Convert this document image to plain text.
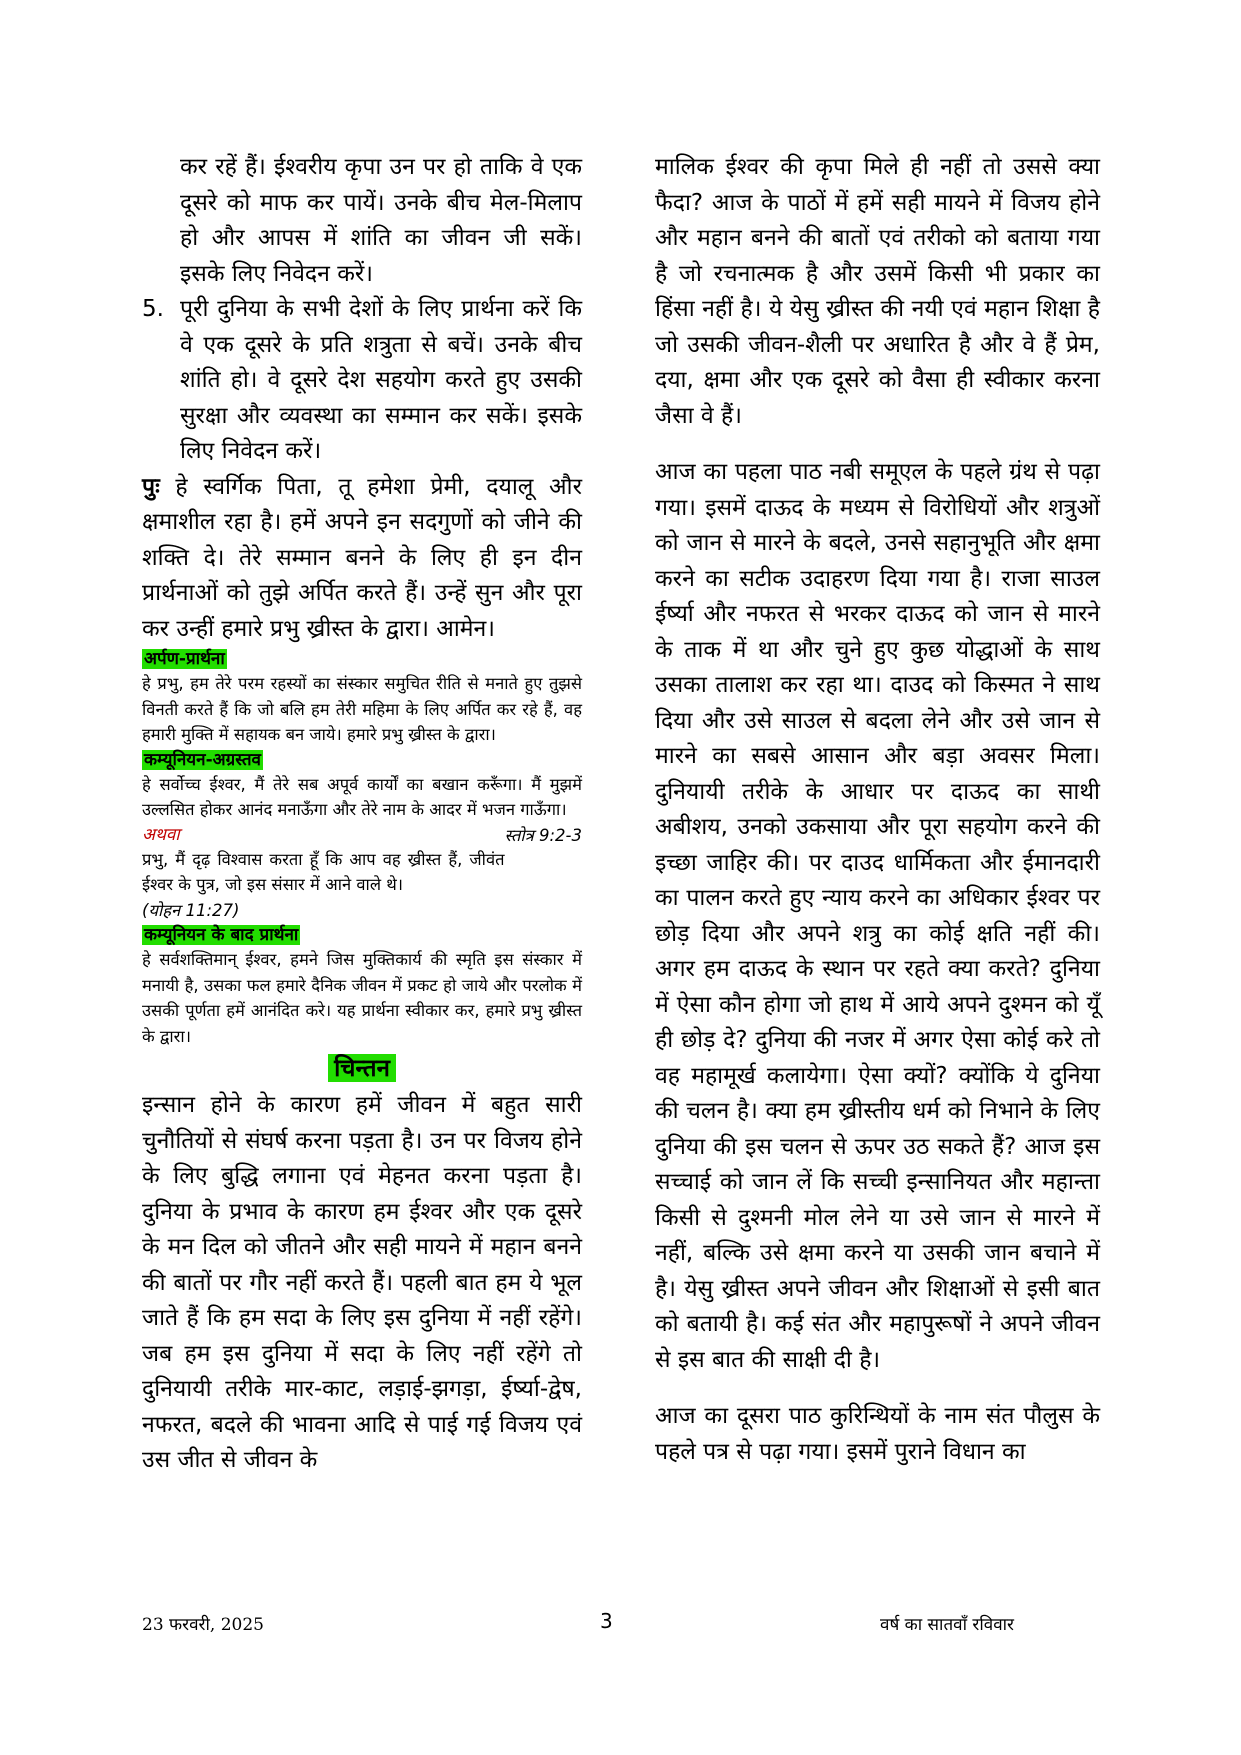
कर रहें हैं। ईश्वरीय कृपा उन पर हो ताकि वे एक दूसरे को माफ कर पायें। उनके बीच मेल-मिलाप हो और आपस में शांति का जीवन जी सकें। इसके लिए निवेदन करें।

5. पूरी दुनिया के सभी देशों के लिए प्रार्थना करें कि वे एक दूसरे के प्रति शत्रुता से बचें। उनके बीच शांति हो। वे दूसरे देश सहयोग करते हुए उसकी सुरक्षा और व्यवस्था का सम्मान कर सकें। इसके लिए निवेदन करें।

पुः हे स्वर्गिक पिता, तू हमेशा प्रेमी, दयालू और क्षमाशील रहा है। हमें अपने इन सदगुणों को जीने की शक्ति दे। तेरे सम्मान बनने के लिए ही इन दीन प्रार्थनाओं को तुझे अर्पित करते हैं। उन्हें सुन और पूरा कर उन्हीं हमारे प्रभु ख्रीस्त के द्वारा। आमेन।

अर्पण-प्रार्थना

हे प्रभु, हम तेरे परम रहस्यों का संस्कार समुचित रीति से मनाते हुए तुझसे विनती करते हैं कि जो बलि हम तेरी महिमा के लिए अर्पित कर रहे हैं, वह हमारी मुक्ति में सहायक बन जाये। हमारे प्रभु ख्रीस्त के द्वारा।

कम्यूनियन-अग्रस्तव

हे सर्वोच्च ईश्वर, मैं तेरे सब अपूर्व कार्यों का बखान करूँगा। मैं मुझमें उल्लसित होकर आनंद मनाऊँगा और तेरे नाम के आदर में भजन गाऊँगा।
स्तोत्र 9:2-3

अथवा

प्रभु, मैं दृढ़ विश्वास करता हूँ कि आप वह ख्रीस्त हैं, जीवंत ईश्वर के पुत्र, जो इस संसार में आने वाले थे।

(योहन 11:27)

कम्यूनियन के बाद प्रार्थना

हे सर्वशक्तिमान् ईश्वर, हमने जिस मुक्तिकार्य की स्मृति इस संस्कार में मनायी है, उसका फल हमारे दैनिक जीवन में प्रकट हो जाये और परलोक में उसकी पूर्णता हमें आनंदित करे। यह प्रार्थना स्वीकार कर, हमारे प्रभु ख्रीस्त के द्वारा।

चिन्तन

इन्सान होने के कारण हमें जीवन में बहुत सारी चुनौतियों से संघर्ष करना पड़ता है। उन पर विजय होने के लिए बुद्धि लगाना एवं मेहनत करना पड़ता है। दुनिया के प्रभाव के कारण हम ईश्वर और एक दूसरे के मन दिल को जीतने और सही मायने में महान बनने की बातों पर गौर नहीं करते हैं। पहली बात हम ये भूल जाते हैं कि हम सदा के लिए इस दुनिया में नहीं रहेंगे। जब हम इस दुनिया में सदा के लिए नहीं रहेंगे तो दुनियायी तरीके मार-काट, लड़ाई-झगड़ा, ईर्ष्या-द्वेष, नफरत, बदले की भावना आदि से पाई गई विजय एवं उस जीत से जीवन के

मालिक ईश्वर की कृपा मिले ही नहीं तो उससे क्या फैदा? आज के पाठों में हमें सही मायने में विजय होने और महान बनने की बातों एवं तरीको को बताया गया है जो रचनात्मक है और उसमें किसी भी प्रकार का हिंसा नहीं है। ये येसु ख्रीस्त की नयी एवं महान शिक्षा है जो उसकी जीवन-शैली पर अधारित है और वे हैं प्रेम, दया, क्षमा और एक दूसरे को वैसा ही स्वीकार करना जैसा वे हैं।

आज का पहला पाठ नबी समूएल के पहले ग्रंथ से पढ़ा गया। इसमें दाऊद के मध्यम से विरोधियों और शत्रुओं को जान से मारने के बदले, उनसे सहानुभूति और क्षमा करने का सटीक उदाहरण दिया गया है। राजा साउल ईर्ष्या और नफरत से भरकर दाऊद को जान से मारने के ताक में था और चुने हुए कुछ योद्धाओं के साथ उसका तालाश कर रहा था। दाउद को किस्मत ने साथ दिया और उसे साउल से बदला लेने और उसे जान से मारने का सबसे आसान और बड़ा अवसर मिला। दुनियायी तरीके के आधार पर दाऊद का साथी अबीशय, उनको उकसाया और पूरा सहयोग करने की इच्छा जाहिर की। पर दाउद धार्मिकता और ईमानदारी का पालन करते हुए न्याय करने का अधिकार ईश्वर पर छोड़ दिया और अपने शत्रु का कोई क्षति नहीं की। अगर हम दाऊद के स्थान पर रहते क्या करते? दुनिया में ऐसा कौन होगा जो हाथ में आये अपने दुश्मन को यूँ ही छोड़ दे? दुनिया की नजर में अगर ऐसा कोई करे तो वह महामूर्ख कलायेगा। ऐसा क्यों? क्योंकि ये दुनिया की चलन है। क्या हम ख्रीस्तीय धर्म को निभाने के लिए दुनिया की इस चलन से ऊपर उठ सकते हैं? आज इस सच्चाई को जान लें कि सच्ची इन्सानियत और महान्ता किसी से दुश्मनी मोल लेने या उसे जान से मारने में नहीं, बल्कि उसे क्षमा करने या उसकी जान बचाने में है। येसु ख्रीस्त अपने जीवन और शिक्षाओं से इसी बात को बतायी है। कई संत और महापुरूषों ने अपने जीवन से इस बात की साक्षी दी है।

आज का दूसरा पाठ कुरिन्थियों के नाम संत पौलुस के पहले पत्र से पढ़ा गया। इसमें पुराने विधान का

23 फरवरी, 2025	3	वर्ष का सातवाँ रविवार
